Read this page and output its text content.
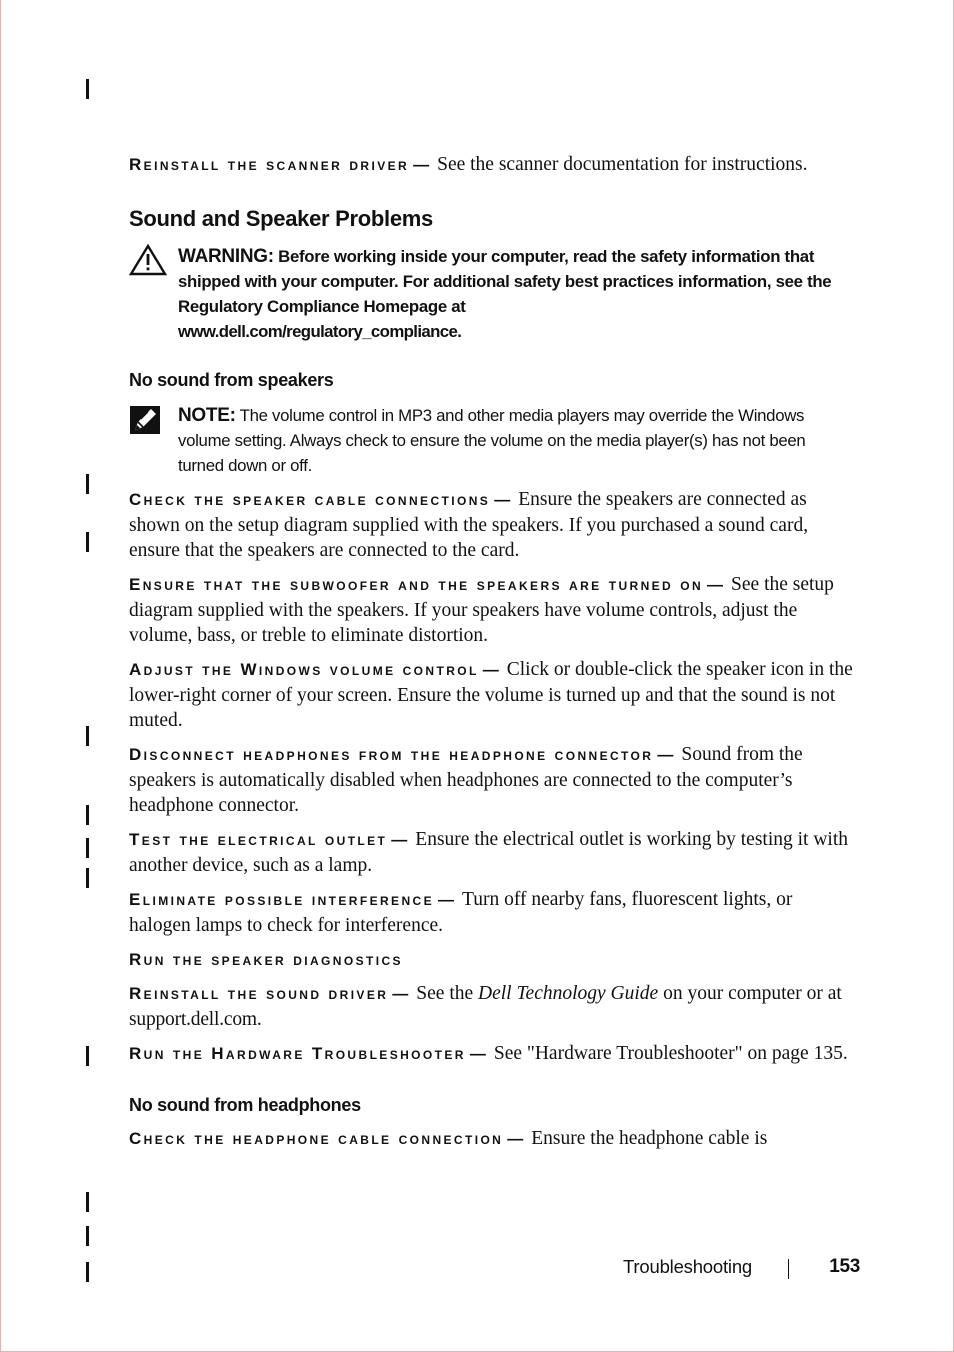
Reinstall the scanner driver — See the scanner documentation for instructions.

Sound and Speaker Problems
WARNING: Before working inside your computer, read the safety information that shipped with your computer. For additional safety best practices information, see the Regulatory Compliance Homepage at
www.dell.com/regulatory_compliance.
No sound from speakers
NOTE: The volume control in MP3 and other media players may override the Windows volume setting. Always check to ensure the volume on the media player(s) has not been turned down or off.

Check the speaker cable connections — Ensure the speakers are connected as shown on the setup diagram supplied with the speakers. If you purchased a sound card, ensure that the speakers are connected to the card.

Ensure that the subwoofer and the speakers are turned on — See the setup diagram supplied with the speakers. If your speakers have volume controls, adjust the volume, bass, or treble to eliminate distortion.

Adjust the Windows volume control — Click or double-click the speaker icon in the lower-right corner of your screen. Ensure the volume is turned up and that the sound is not muted.

Disconnect headphones from the headphone connector — Sound from the speakers is automatically disabled when headphones are connected to the computer’s headphone connector.

Test the electrical outlet — Ensure the electrical outlet is working by testing it with another device, such as a lamp.

Eliminate possible interference — Turn off nearby fans, fluorescent lights, or halogen lamps to check for interference.

Run the speaker diagnostics

Reinstall the sound driver — See the Dell Technology Guide on your computer or at support.dell.com.

Run the Hardware Troubleshooter — See "Hardware Troubleshooter" on page 135.

No sound from headphones

Check the headphone cable connection — Ensure the headphone cable is

Troubleshooting	153
